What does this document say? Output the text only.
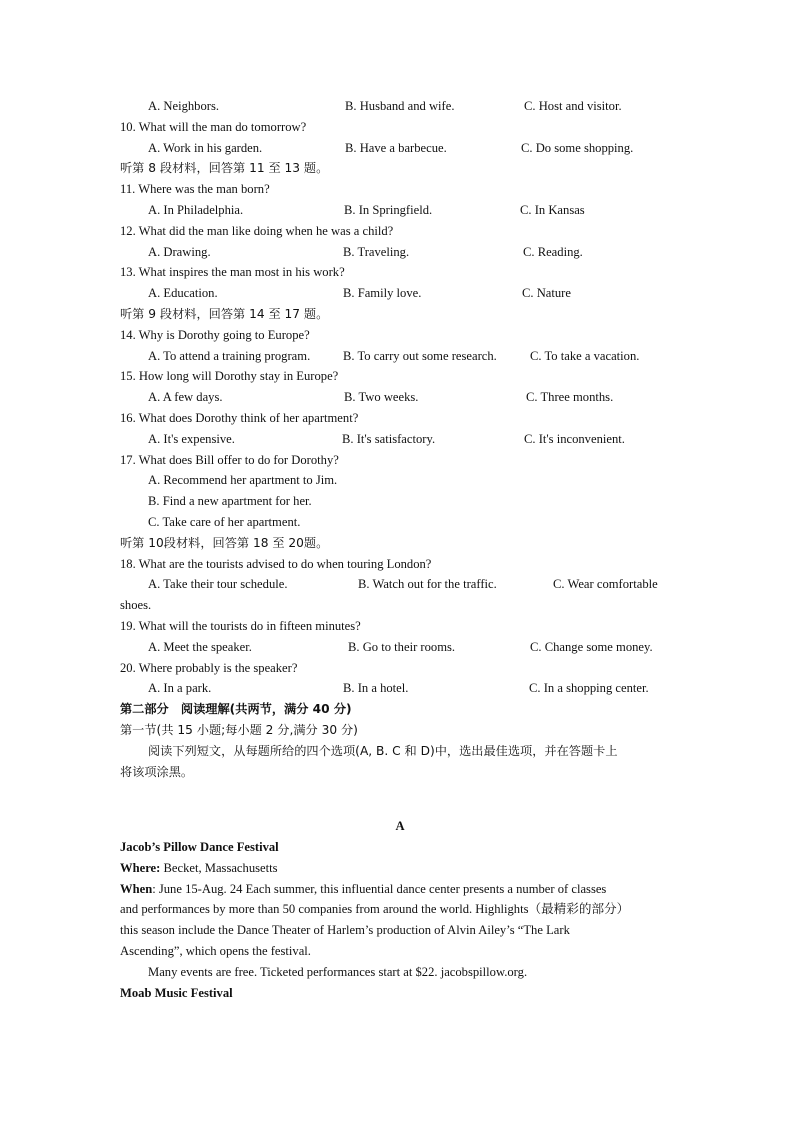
A. Neighbors.	B. Husband and wife.	C. Host and visitor.
10. What will the man do tomorrow?
A. Work in his garden.	B. Have a barbecue.	C. Do some shopping.
听第 8 段材料，回答第 11 至 13 题。
11. Where was the man born?
A. In Philadelphia.	B. In Springfield.	C. In Kansas
12. What did the man like doing when he was a child?
A. Drawing.	B. Traveling.	C. Reading.
13. What inspires the man most in his work?
A. Education.	B. Family love.	C. Nature
听第 9 段材料，回答第 14 至 17 题。
14. Why is Dorothy going to Europe?
A. To attend a training program.	B. To carry out some research.	C. To take a vacation.
15. How long will Dorothy stay in Europe?
A. A few days.	B. Two weeks.	C. Three months.
16. What does Dorothy think of her apartment?
A. It's expensive.	B. It's satisfactory.	C. It's inconvenient.
17. What does Bill offer to do for Dorothy?
A. Recommend her apartment to Jim.
B. Find a new apartment for her.
C. Take care of her apartment.
听第 10段材料，回答第 18 至 20题。
18. What are the tourists advised to do when touring London?
A. Take their tour schedule.	B. Watch out for the traffic.	C. Wear comfortable
shoes.
19. What will the tourists do in fifteen minutes?
A. Meet the speaker.	B. Go to their rooms.	C. Change some money.
20. Where probably is the speaker?
A. In a park.	B. In a hotel.	C. In a shopping center.
第二部分　阅读理解(共两节，满分 40 分)
第一节(共 15 小题;每小题 2 分,满分 30 分)
阅读下列短文，从每题所给的四个选项(A, B. C 和 D)中，选出最佳选项，并在答题卡上
将该项涂黑。
A
Jacob’s Pillow Dance Festival
Where: Becket, Massachusetts
When: June 15-Aug. 24 Each summer, this influential dance center presents a number of classes
and performances by more than 50 companies from around the world. Highlights（最精彩的部分）
this season include the Dance Theater of Harlem’s production of Alvin Ailey’s “The Lark
Ascending”, which opens the festival.
Many events are free. Ticketed performances start at $22. jacobspillow.org.
Moab Music Festival
